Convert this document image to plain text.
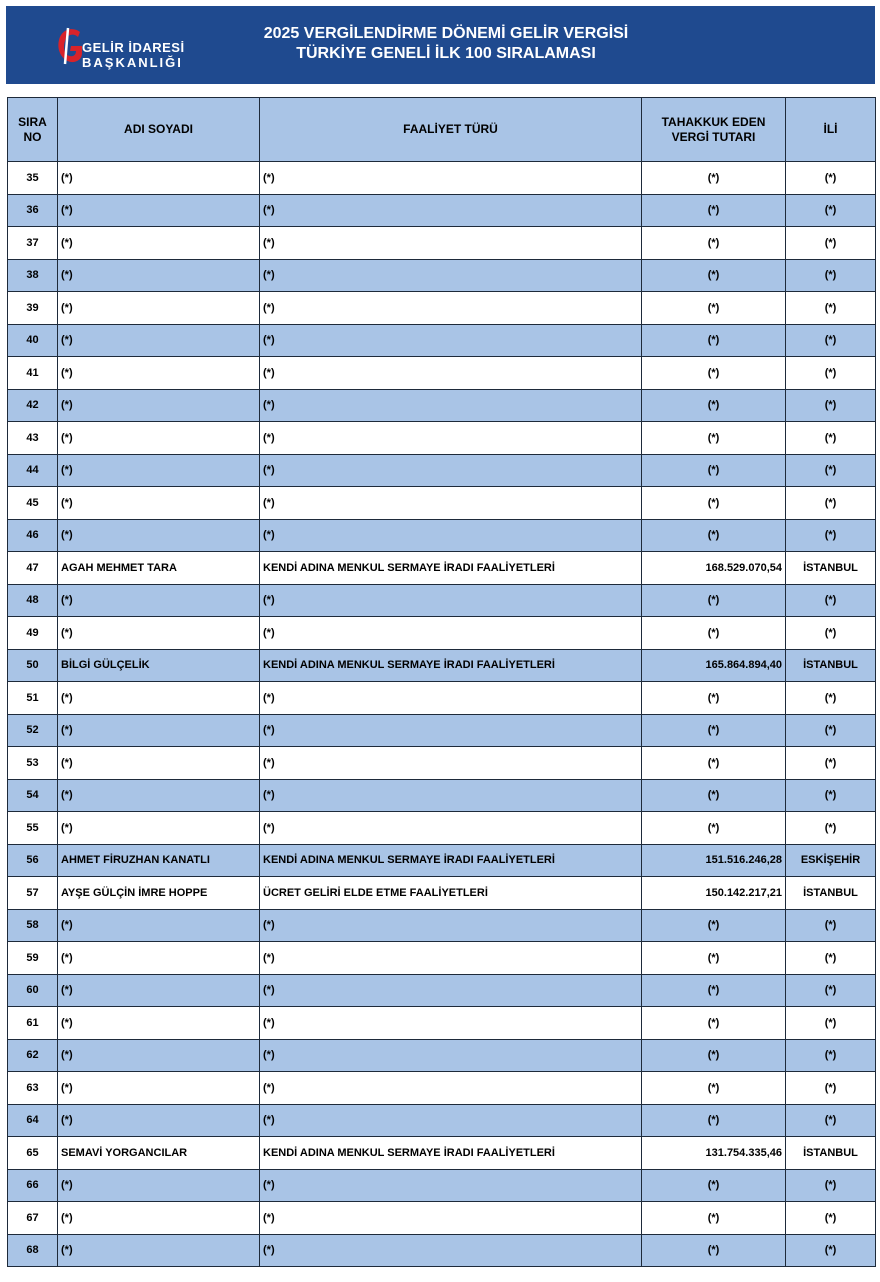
GELİR İDARESİ
BAŞKANLIĞI
2025 VERGİLENDİRME DÖNEMİ GELİR VERGİSİ
TÜRKİYE GENELİ İLK 100 SIRALAMASI
SIRA NO	ADI SOYADI	FAALİYET TÜRÜ	TAHAKKUK EDEN VERGİ TUTARI	İLİ
35	(*)	(*)	(*)	(*)
36	(*)	(*)	(*)	(*)
37	(*)	(*)	(*)	(*)
38	(*)	(*)	(*)	(*)
39	(*)	(*)	(*)	(*)
40	(*)	(*)	(*)	(*)
41	(*)	(*)	(*)	(*)
42	(*)	(*)	(*)	(*)
43	(*)	(*)	(*)	(*)
44	(*)	(*)	(*)	(*)
45	(*)	(*)	(*)	(*)
46	(*)	(*)	(*)	(*)
47	AGAH MEHMET TARA	KENDİ ADINA MENKUL SERMAYE İRADI FAALİYETLERİ	168.529.070,54	İSTANBUL
48	(*)	(*)	(*)	(*)
49	(*)	(*)	(*)	(*)
50	BİLGİ GÜLÇELİK	KENDİ ADINA MENKUL SERMAYE İRADI FAALİYETLERİ	165.864.894,40	İSTANBUL
51	(*)	(*)	(*)	(*)
52	(*)	(*)	(*)	(*)
53	(*)	(*)	(*)	(*)
54	(*)	(*)	(*)	(*)
55	(*)	(*)	(*)	(*)
56	AHMET FİRUZHAN KANATLI	KENDİ ADINA MENKUL SERMAYE İRADI FAALİYETLERİ	151.516.246,28	ESKİŞEHİR
57	AYŞE GÜLÇİN İMRE HOPPE	ÜCRET GELİRİ ELDE ETME FAALİYETLERİ	150.142.217,21	İSTANBUL
58	(*)	(*)	(*)	(*)
59	(*)	(*)	(*)	(*)
60	(*)	(*)	(*)	(*)
61	(*)	(*)	(*)	(*)
62	(*)	(*)	(*)	(*)
63	(*)	(*)	(*)	(*)
64	(*)	(*)	(*)	(*)
65	SEMAVİ YORGANCILAR	KENDİ ADINA MENKUL SERMAYE İRADI FAALİYETLERİ	131.754.335,46	İSTANBUL
66	(*)	(*)	(*)	(*)
67	(*)	(*)	(*)	(*)
68	(*)	(*)	(*)	(*)
